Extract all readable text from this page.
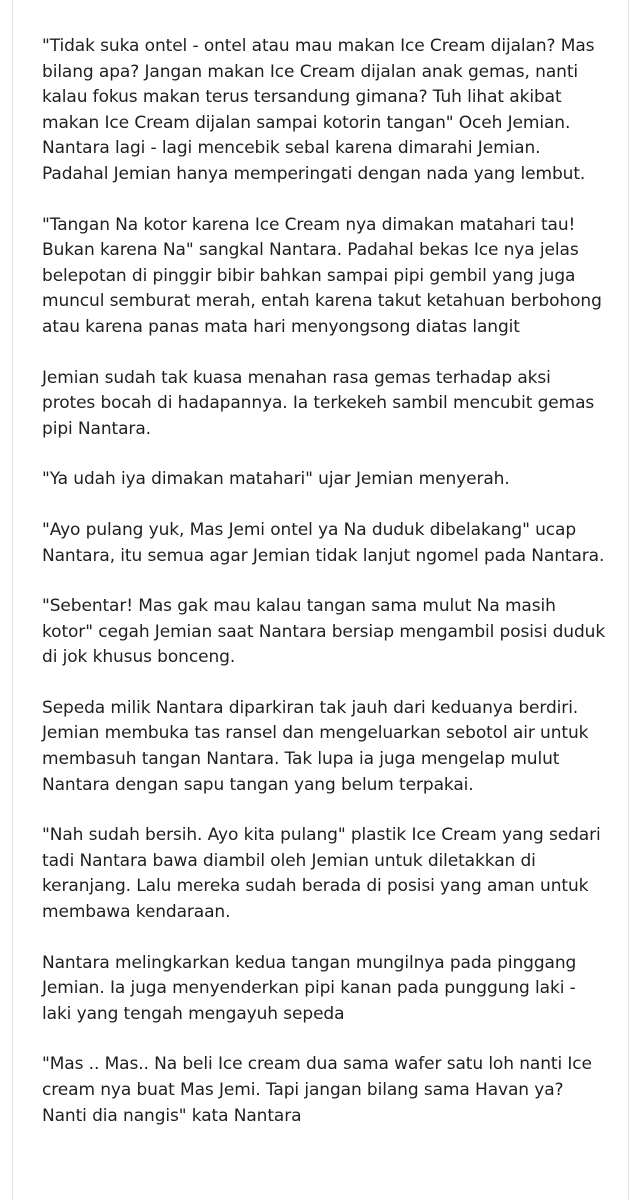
"Tidak suka ontel - ontel atau mau makan Ice Cream dijalan? Mas bilang apa? Jangan makan Ice Cream dijalan anak gemas, nanti kalau fokus makan terus tersandung gimana? Tuh lihat akibat makan Ice Cream dijalan sampai kotorin tangan" Oceh Jemian. Nantara lagi - lagi mencebik sebal karena dimarahi Jemian. Padahal Jemian hanya memperingati dengan nada yang lembut.

"Tangan Na kotor karena Ice Cream nya dimakan matahari tau! Bukan karena Na" sangkal Nantara. Padahal bekas Ice nya jelas belepotan di pinggir bibir bahkan sampai pipi gembil yang juga muncul semburat merah, entah karena takut ketahuan berbohong atau karena panas mata hari menyongsong diatas langit

Jemian sudah tak kuasa menahan rasa gemas terhadap aksi protes bocah di hadapannya. Ia terkekeh sambil mencubit gemas pipi Nantara.

"Ya udah iya dimakan matahari" ujar Jemian menyerah.

"Ayo pulang yuk, Mas Jemi ontel ya Na duduk dibelakang" ucap Nantara, itu semua agar Jemian tidak lanjut ngomel pada Nantara.

"Sebentar! Mas gak mau kalau tangan sama mulut Na masih kotor" cegah Jemian saat Nantara bersiap mengambil posisi duduk di jok khusus bonceng.

Sepeda milik Nantara diparkiran tak jauh dari keduanya berdiri. Jemian membuka tas ransel dan mengeluarkan sebotol air untuk membasuh tangan Nantara. Tak lupa ia juga mengelap mulut Nantara dengan sapu tangan yang belum terpakai.

"Nah sudah bersih. Ayo kita pulang" plastik Ice Cream yang sedari tadi Nantara bawa diambil oleh Jemian untuk diletakkan di keranjang. Lalu mereka sudah berada di posisi yang aman untuk membawa kendaraan.

Nantara melingkarkan kedua tangan mungilnya pada pinggang Jemian. Ia juga menyenderkan pipi kanan pada punggung laki - laki yang tengah mengayuh sepeda

"Mas .. Mas.. Na beli Ice cream dua sama wafer satu loh nanti Ice cream nya buat Mas Jemi. Tapi jangan bilang sama Havan ya? Nanti dia nangis" kata Nantara
